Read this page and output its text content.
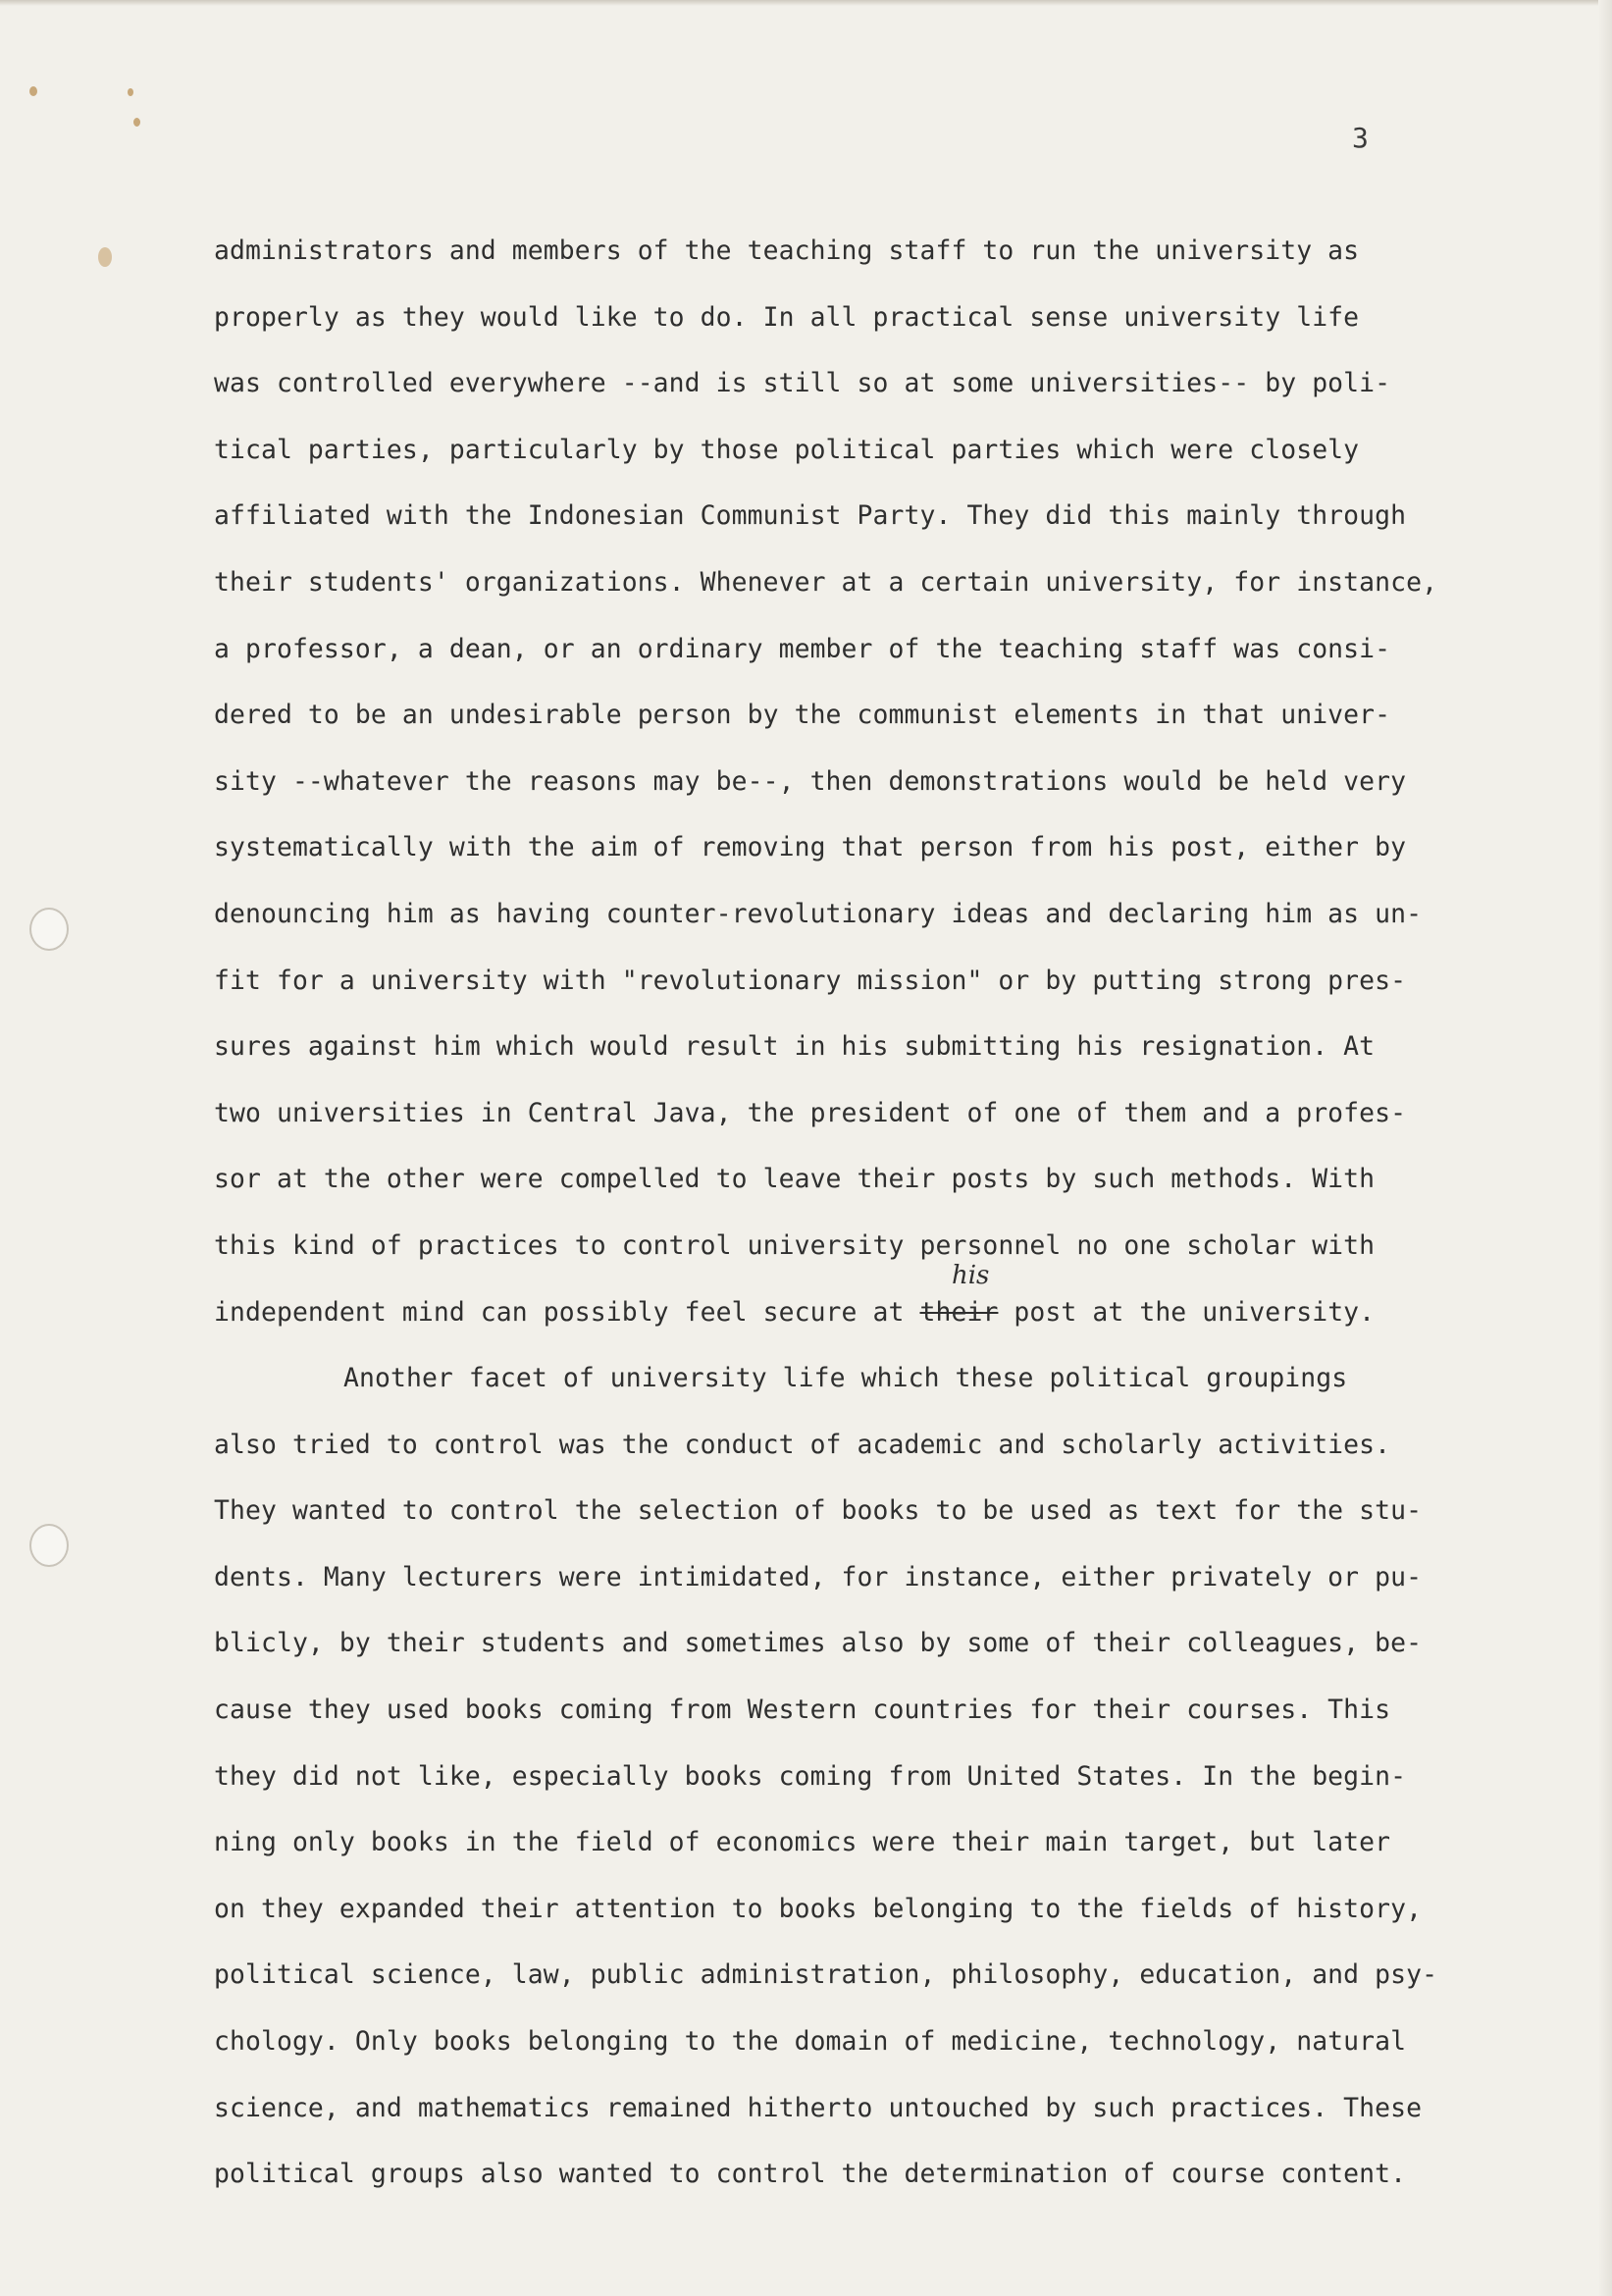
3
his
administrators and members of the teaching staff to run the university as
properly as they would like to do. In all practical sense university life
was controlled everywhere --and is still so at some universities-- by poli-
tical parties, particularly by those political parties which were closely
affiliated with the Indonesian Communist Party. They did this mainly through
their students' organizations. Whenever at a certain university, for instance,
a professor, a dean, or an ordinary member of the teaching staff was consi-
dered to be an undesirable person by the communist elements in that univer-
sity --whatever the reasons may be--, then demonstrations would be held very
systematically with the aim of removing that person from his post, either by
denouncing him as having counter-revolutionary ideas and declaring him as un-
fit for a university with "revolutionary mission" or by putting strong pres-
sures against him which would result in his submitting his resignation. At
two universities in Central Java, the president of one of them and a profes-
sor at the other were compelled to leave their posts by such methods. With
this kind of practices to control university personnel no one scholar with
independent mind can possibly feel secure at their post at the university.
Another facet of university life which these political groupings
also tried to control was the conduct of academic and scholarly activities.
They wanted to control the selection of books to be used as text for the stu-
dents. Many lecturers were intimidated, for instance, either privately or pu-
blicly, by their students and sometimes also by some of their colleagues, be-
cause they used books coming from Western countries for their courses. This
they did not like, especially books coming from United States. In the begin-
ning only books in the field of economics were their main target, but later
on they expanded their attention to books belonging to the fields of history,
political science, law, public administration, philosophy, education, and psy-
chology. Only books belonging to the domain of medicine, technology, natural
science, and mathematics remained hitherto untouched by such practices. These
political groups also wanted to control the determination of course content.
